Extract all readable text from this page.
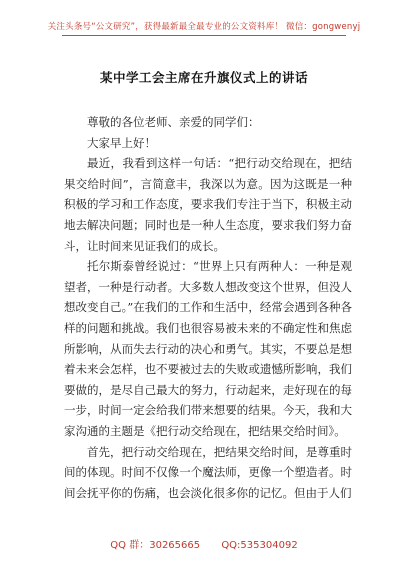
关注头条号“公文研究”，获得最新最全最专业的公文资料库！ 微信：gongwenyj
某中学工会主席在升旗仪式上的讲话

尊敬的各位老师、亲爱的同学们：

大家早上好！

最近，我看到这样一句话：“把行动交给现在，把结果交给时间”，言简意丰，我深以为意。因为这既是一种积极的学习和工作态度，要求我们专注于当下，积极主动地去解决问题；同时也是一种人生态度，要求我们努力奋斗，让时间来见证我们的成长。

托尔斯泰曾经说过：“世界上只有两种人：一种是观望者，一种是行动者。大多数人想改变这个世界，但没人想改变自己。”在我们的工作和生活中，经常会遇到各种各样的问题和挑战。我们也很容易被未来的不确定性和焦虑所影响，从而失去行动的决心和勇气。其实，不要总是想着未来会怎样，也不要被过去的失败或遗憾所影响，我们要做的，是尽自己最大的努力，行动起来，走好现在的每一步，时间一定会给我们带来想要的结果。今天，我和大家沟通的主题是《把行动交给现在，把结果交给时间》。

首先，把行动交给现在，把结果交给时间，是尊重时间的体现。时间不仅像一个魔法师，更像一个塑造者。时间会抚平你的伤痛，也会淡化很多你的记忆。但由于人们

QQ 群：30265665 QQ:535304092
